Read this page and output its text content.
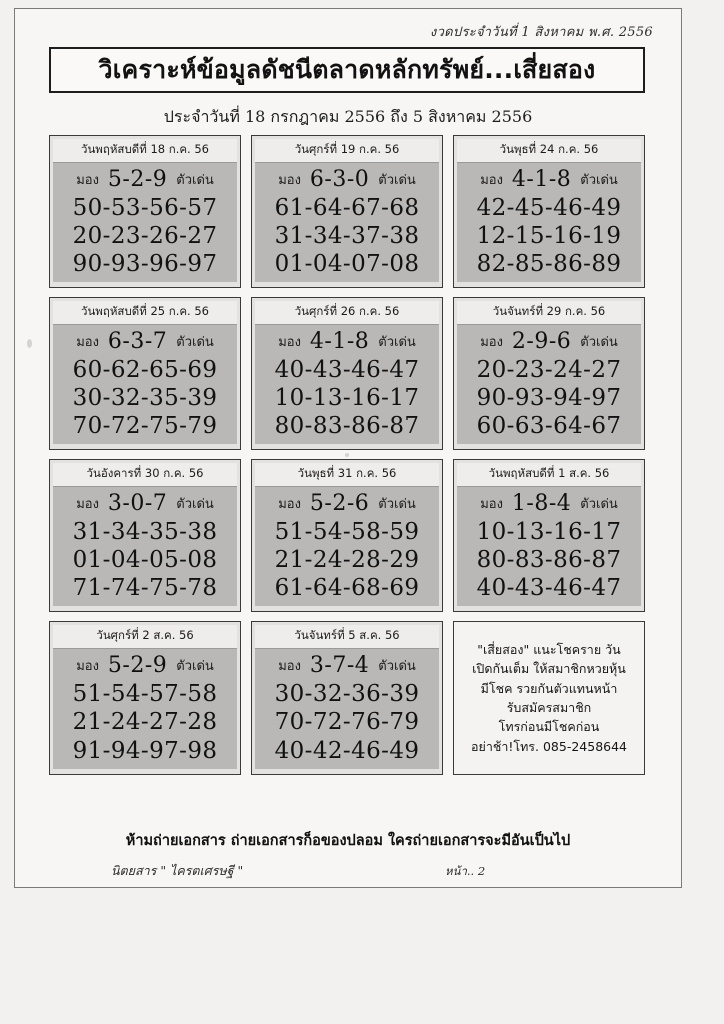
งวดประจำวันที่ 1 สิงหาคม พ.ศ. 2556
วิเคราะห์ข้อมูลดัชนีตลาดหลักทรัพย์...เสี่ยสอง
ประจำวันที่ 18 กรกฎาคม 2556 ถึง 5 สิงหาคม 2556
วันพฤหัสบดีที่ 18 ก.ค. 56
มอง 5-2-9 ตัวเด่น
50-53-56-57
20-23-26-27
90-93-96-97
วันศุกร์ที่ 19 ก.ค. 56
มอง 6-3-0 ตัวเด่น
61-64-67-68
31-34-37-38
01-04-07-08
วันพุธที่ 24 ก.ค. 56
มอง 4-1-8 ตัวเด่น
42-45-46-49
12-15-16-19
82-85-86-89
วันพฤหัสบดีที่ 25 ก.ค. 56
มอง 6-3-7 ตัวเด่น
60-62-65-69
30-32-35-39
70-72-75-79
วันศุกร์ที่ 26 ก.ค. 56
มอง 4-1-8 ตัวเด่น
40-43-46-47
10-13-16-17
80-83-86-87
วันจันทร์ที่ 29 ก.ค. 56
มอง 2-9-6 ตัวเด่น
20-23-24-27
90-93-94-97
60-63-64-67
วันอังคารที่ 30 ก.ค. 56
มอง 3-0-7 ตัวเด่น
31-34-35-38
01-04-05-08
71-74-75-78
วันพุธที่ 31 ก.ค. 56
มอง 5-2-6 ตัวเด่น
51-54-58-59
21-24-28-29
61-64-68-69
วันพฤหัสบดีที่ 1 ส.ค. 56
มอง 1-8-4 ตัวเด่น
10-13-16-17
80-83-86-87
40-43-46-47
วันศุกร์ที่ 2 ส.ค. 56
มอง 5-2-9 ตัวเด่น
51-54-57-58
21-24-27-28
91-94-97-98
วันจันทร์ที่ 5 ส.ค. 56
มอง 3-7-4 ตัวเด่น
30-32-36-39
70-72-76-79
40-42-46-49
"เสี่ยสอง" แนะโชคราย วัน
เปิดกันเต็ม ให้สมาชิกหวยหุ้น
มีโชค รวยกันตัวแทนหน้า
รับสมัครสมาชิก
โทรก่อนมีโชคก่อน
อย่าช้า!โทร. 085-2458644
ห้ามถ่ายเอกสาร ถ่ายเอกสารก็อของปลอม ใครถ่ายเอกสารจะมีอันเป็นไป
นิตยสาร " ไครตเศรษฐี "	หน้า.. 2
